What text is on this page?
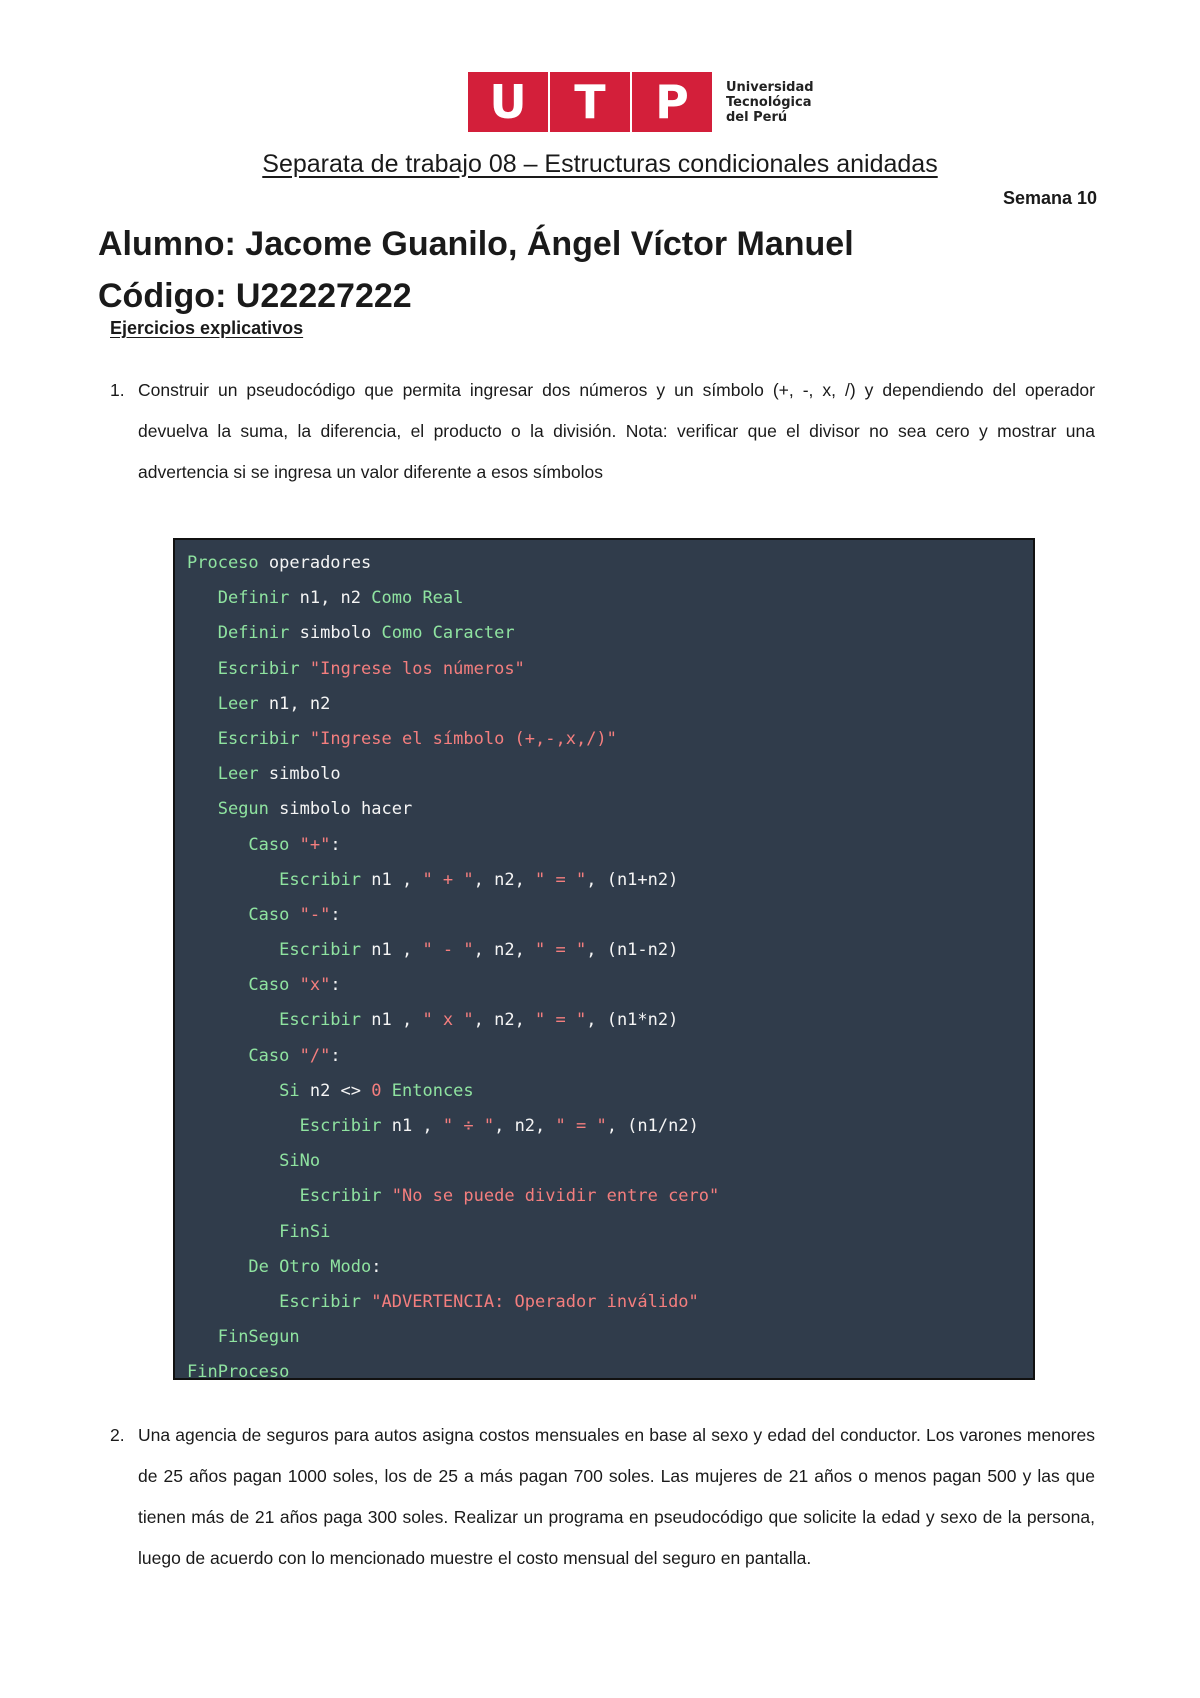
U	T	P	Universidad
Tecnológica
del Perú
Separata de trabajo 08 – Estructuras condicionales anidadas
Semana 10
Alumno: Jacome Guanilo, Ángel Víctor Manuel
Código: U22227222
Ejercicios explicativos
1. Construir un pseudocódigo que permita ingresar dos números y un símbolo (+, -, x, /) y dependiendo del operador devuelva la suma, la diferencia, el producto o la división. Nota: verificar que el divisor no sea cero y mostrar una advertencia si se ingresa un valor diferente a esos símbolos
Proceso operadores
Definir n1, n2 Como Real
Definir simbolo Como Caracter
Escribir "Ingrese los números"
Leer n1, n2
Escribir "Ingrese el símbolo (+,-,x,/)"
Leer simbolo
Segun simbolo hacer
Caso "+":
Escribir n1 , " + ", n2, " = ", (n1+n2)
Caso "-":
Escribir n1 , " - ", n2, " = ", (n1-n2)
Caso "x":
Escribir n1 , " x ", n2, " = ", (n1*n2)
Caso "/":
Si n2 <> 0 Entonces
Escribir n1 , " ÷ ", n2, " = ", (n1/n2)
SiNo
Escribir "No se puede dividir entre cero"
FinSi
De Otro Modo:
Escribir "ADVERTENCIA: Operador inválido"
FinSegun
FinProceso
2. Una agencia de seguros para autos asigna costos mensuales en base al sexo y edad del conductor. Los varones menores de 25 años pagan 1000 soles, los de 25 a más pagan 700 soles. Las mujeres de 21 años o menos pagan 500 y las que tienen más de 21 años paga 300 soles. Realizar un programa en pseudocódigo que solicite la edad y sexo de la persona, luego de acuerdo con lo mencionado muestre el costo mensual del seguro en pantalla.
